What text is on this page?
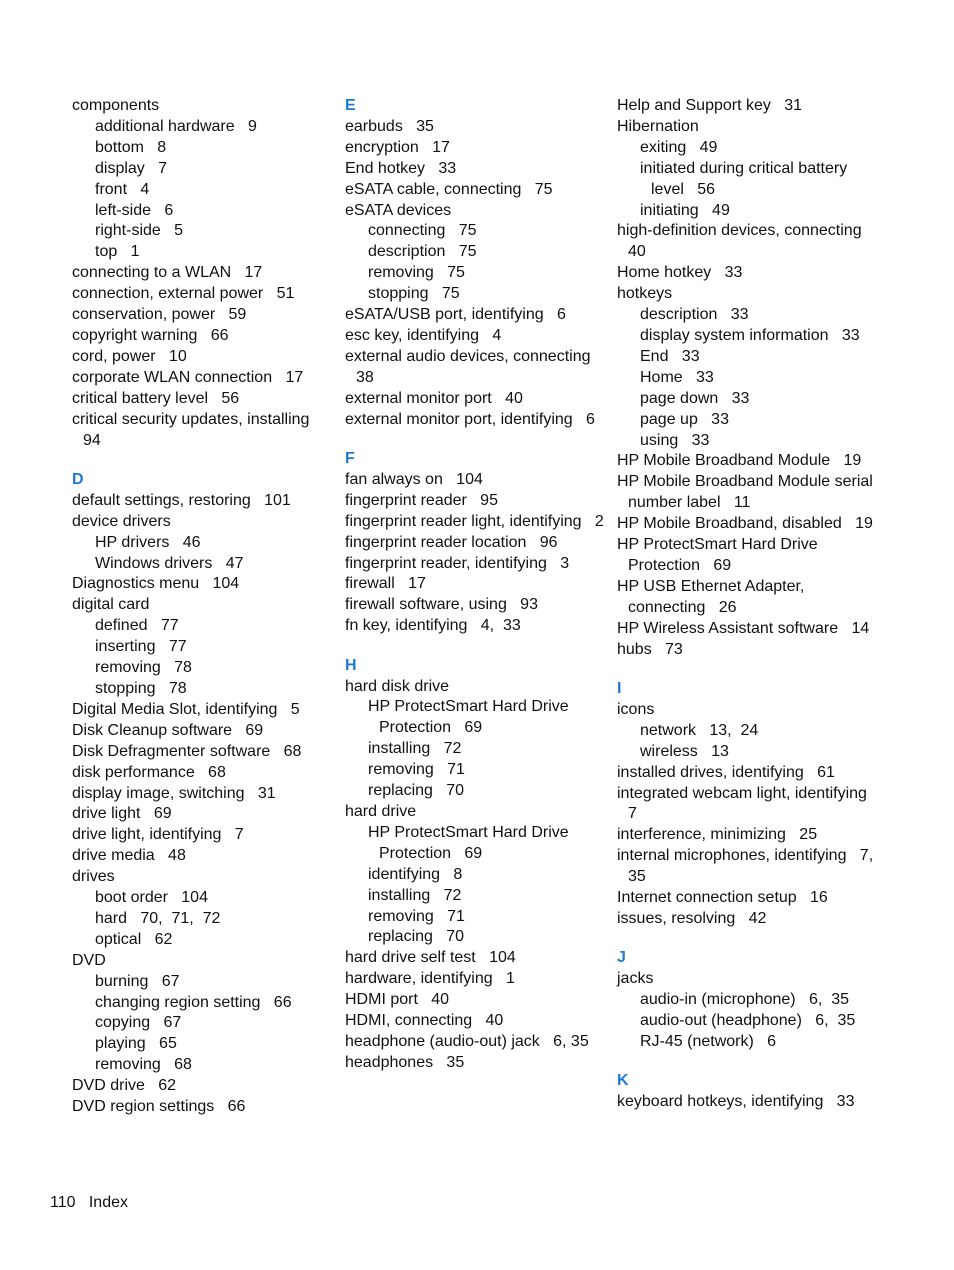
components
additional hardware   9
bottom   8
display   7
front   4
left-side   6
right-side   5
top   1
connecting to a WLAN   17
connection, external power   51
conservation, power   59
copyright warning   66
cord, power   10
corporate WLAN connection   17
critical battery level   56
critical security updates, installing   94
D
default settings, restoring   101
device drivers
HP drivers   46
Windows drivers   47
Diagnostics menu   104
digital card
defined   77
inserting   77
removing   78
stopping   78
Digital Media Slot, identifying   5
Disk Cleanup software   69
Disk Defragmenter software   68
disk performance   68
display image, switching   31
drive light   69
drive light, identifying   7
drive media   48
drives
boot order   104
hard   70,  71,  72
optical   62
DVD
burning   67
changing region setting   66
copying   67
playing   65
removing   68
DVD drive   62
DVD region settings   66
E
earbuds   35
encryption   17
End hotkey   33
eSATA cable, connecting   75
eSATA devices
connecting   75
description   75
removing   75
stopping   75
eSATA/USB port, identifying   6
esc key, identifying   4
external audio devices, connecting   38
external monitor port   40
external monitor port, identifying   6
F
fan always on   104
fingerprint reader   95
fingerprint reader light, identifying   2
fingerprint reader location   96
fingerprint reader, identifying   3
firewall   17
firewall software, using   93
fn key, identifying   4,  33
H
hard disk drive
HP ProtectSmart Hard Drive Protection   69
installing   72
removing   71
replacing   70
hard drive
HP ProtectSmart Hard Drive Protection   69
identifying   8
installing   72
removing   71
replacing   70
hard drive self test   104
hardware, identifying   1
HDMI port   40
HDMI, connecting   40
headphone (audio-out) jack   6, 35
headphones   35
Help and Support key   31
Hibernation
exiting   49
initiated during critical battery level   56
initiating   49
high-definition devices, connecting   40
Home hotkey   33
hotkeys
description   33
display system information   33
End   33
Home   33
page down   33
page up   33
using   33
HP Mobile Broadband Module   19
HP Mobile Broadband Module serial number label   11
HP Mobile Broadband, disabled   19
HP ProtectSmart Hard Drive Protection   69
HP USB Ethernet Adapter, connecting   26
HP Wireless Assistant software   14
hubs   73
I
icons
network   13,  24
wireless   13
installed drives, identifying   61
integrated webcam light, identifying   7
interference, minimizing   25
internal microphones, identifying   7,  35
Internet connection setup   16
issues, resolving   42
J
jacks
audio-in (microphone)   6,  35
audio-out (headphone)   6,  35
RJ-45 (network)   6
K
keyboard hotkeys, identifying   33
110 Index
